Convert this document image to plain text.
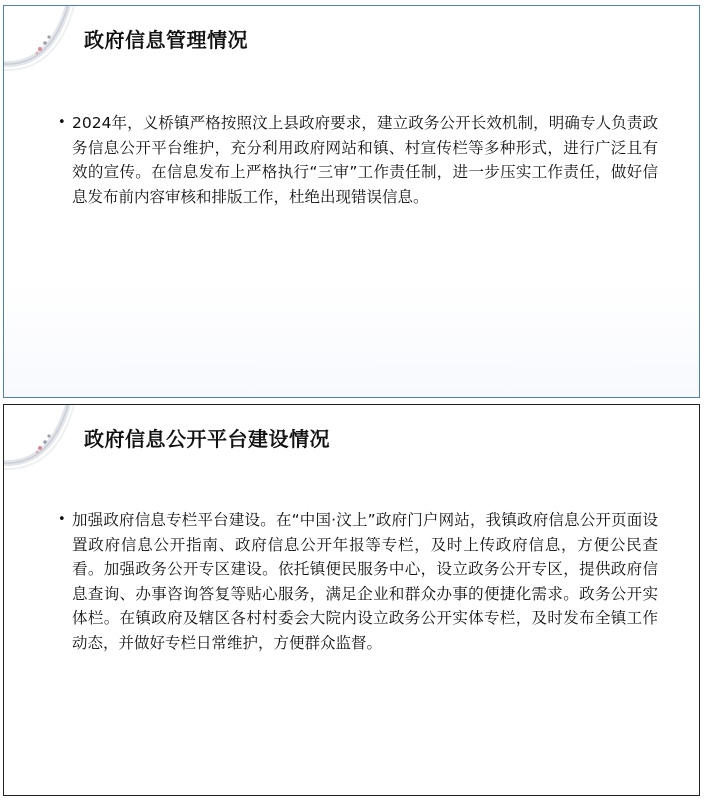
政府信息管理情况
• 2024年，义桥镇严格按照汶上县政府要求，建立政务公开长效机制，明确专人负责政务信息公开平台维护，充分利用政府网站和镇、村宣传栏等多种形式，进行广泛且有效的宣传。在信息发布上严格执行“三审”工作责任制，进一步压实工作责任，做好信息发布前内容审核和排版工作，杜绝出现错误信息。
政府信息公开平台建设情况
• 加强政府信息专栏平台建设。在“中国·汶上”政府门户网站，我镇政府信息公开页面设置政府信息公开指南、政府信息公开年报等专栏，及时上传政府信息，方便公民查看。加强政务公开专区建设。依托镇便民服务中心，设立政务公开专区，提供政府信息查询、办事咨询答复等贴心服务，满足企业和群众办事的便捷化需求。政务公开实体栏。在镇政府及辖区各村村委会大院内设立政务公开实体专栏，及时发布全镇工作动态，并做好专栏日常维护，方便群众监督。
